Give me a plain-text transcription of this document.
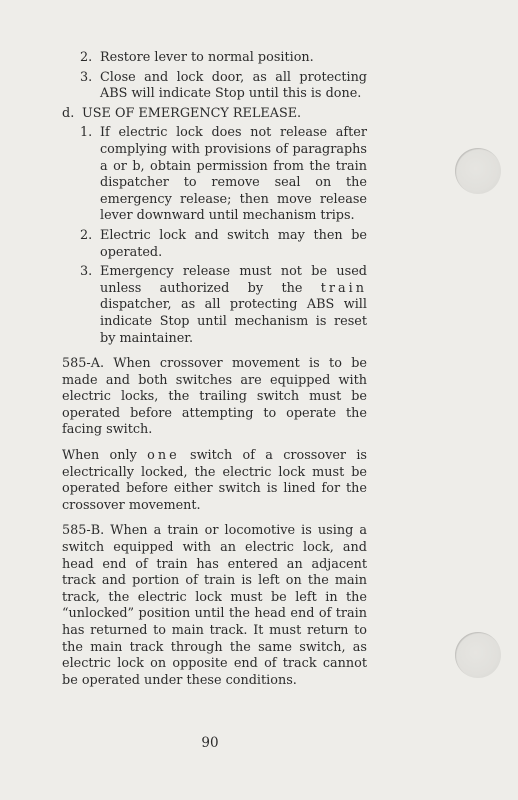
2. Restore lever to normal position.
3. Close and lock door, as all protecting ABS will indicate Stop until this is done.
d. USE OF EMERGENCY RELEASE.
1. If electric lock does not release after complying with provisions of paragraphs a or b, obtain permission from the train dispatcher to remove seal on the emergency release; then move release lever downward until mechanism trips.
2. Electric lock and switch may then be operated.
3. Emergency release must not be used unless authorized by the train dispatcher, as all protecting ABS will indicate Stop until mechanism is reset by maintainer.

585-A. When crossover movement is to be made and both switches are equipped with electric locks, the trailing switch must be operated before attempting to operate the facing switch.

When only one switch of a crossover is electrically locked, the electric lock must be operated before either switch is lined for the crossover movement.

585-B. When a train or locomotive is using a switch equipped with an electric lock, and head end of train has entered an adjacent track and portion of train is left on the main track, the electric lock must be left in the “unlocked” position until the head end of train has returned to main track. It must return to the main track through the same switch, as electric lock on opposite end of track cannot be operated under these conditions.

90
